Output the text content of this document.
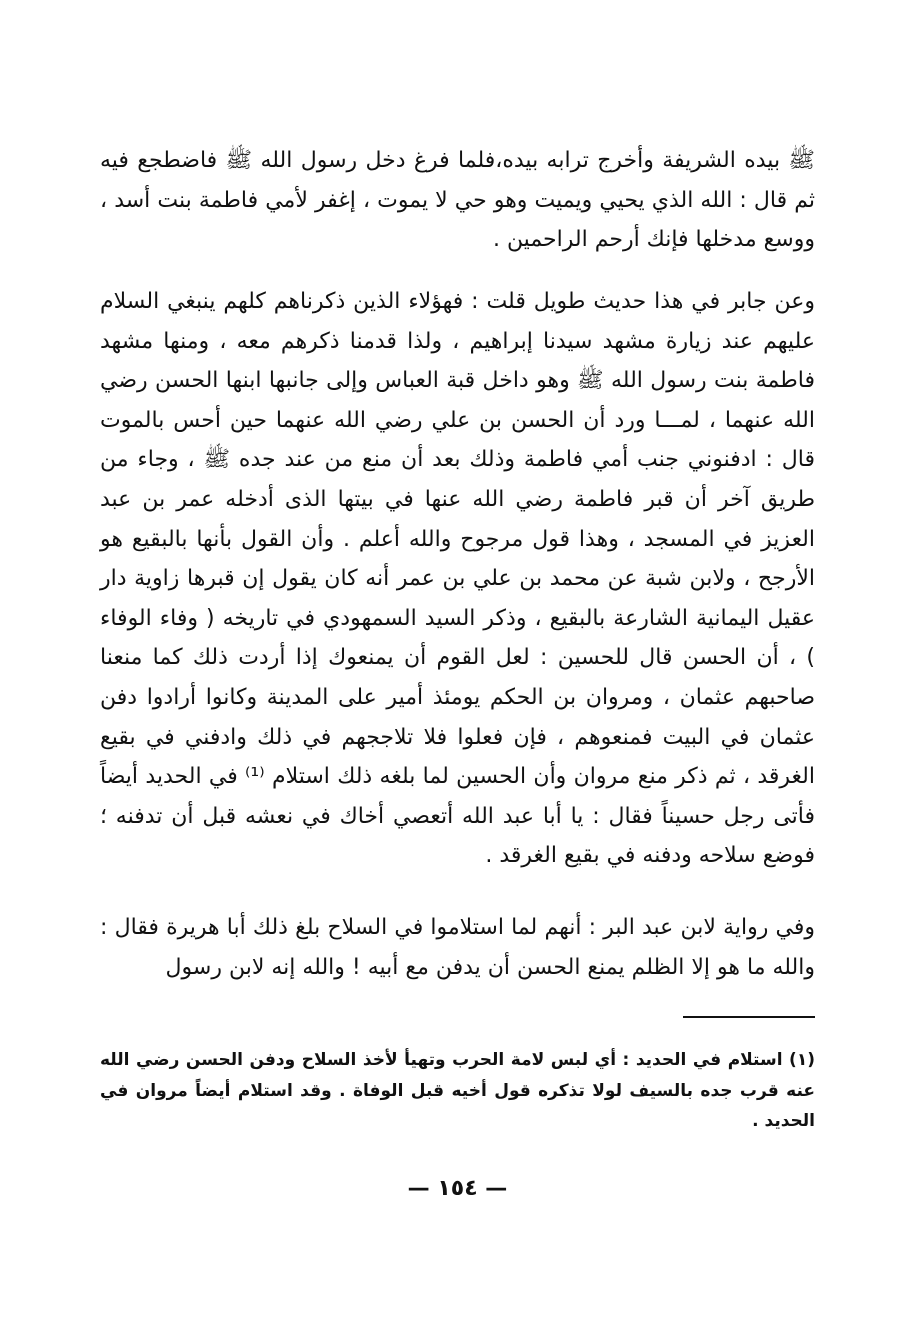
ﷺ بيده الشريفة وأخرج ترابه بيده،فلما فرغ دخل رسول الله ﷺ فاضطجع فيه ثم قال : الله الذي يحيي ويميت وهو حي لا يموت ، إغفر لأمي فاطمة بنت أسد ، ووسع مدخلها فإنك أرحم الراحمين .

وعن جابر في هذا حديث طويل قلت : فهؤلاء الذين ذكرناهم كلهم ينبغي السلام عليهم عند زيارة مشهد سيدنا إبراهيم ، ولذا قدمنا ذكرهم معه ، ومنها مشهد فاطمة بنت رسول الله ﷺ وهو داخل قبة العباس وإلى جانبها ابنها الحسن رضي الله عنهما ، لمـــا ورد أن الحسن بن علي رضي الله عنهما حين أحس بالموت قال : ادفنوني جنب أمي فاطمة وذلك بعد أن منع من عند جده ﷺ ، وجاء من طريق آخر أن قبر فاطمة رضي الله عنها في بيتها الذى أدخله عمر بن عبد العزيز في المسجد ، وهذا قول مرجوح والله أعلم . وأن القول بأنها بالبقيع هو الأرجح ، ولابن شبة عن محمد بن علي بن عمر أنه كان يقول إن قبرها زاوية دار عقيل اليمانية الشارعة بالبقيع ، وذكر السيد السمهودي في تاريخه ( وفاء الوفاء ) ، أن الحسن قال للحسين : لعل القوم أن يمنعوك إذا أردت ذلك كما منعنا صاحبهم عثمان ، ومروان بن الحكم يومئذ أمير على المدينة وكانوا أرادوا دفن عثمان في البيت فمنعوهم ، فإن فعلوا فلا تلاججهم في ذلك وادفني في بقيع الغرقد ، ثم ذكر منع مروان وأن الحسين لما بلغه ذلك استلام ⁽¹⁾ في الحديد أيضاً فأتى رجل حسيناً فقال : يا أبا عبد الله أتعصي أخاك في نعشه قبل أن تدفنه ؛ فوضع سلاحه ودفنه في بقيع الغرقد .

وفي رواية لابن عبد البر : أنهم لما استلاموا في السلاح بلغ ذلك أبا هريرة فقال : والله ما هو إلا الظلم يمنع الحسن أن يدفن مع أبيه ! والله إنه لابن رسول

(١) استلام في الحديد : أي لبس لامة الحرب وتهيأ لأخذ السلاح ودفن الحسن رضي الله عنه قرب جده بالسيف لولا تذكره قول أخيه قبل الوفاة . وقد استلام أيضاً مروان في الحديد .

— ١٥٤ —
